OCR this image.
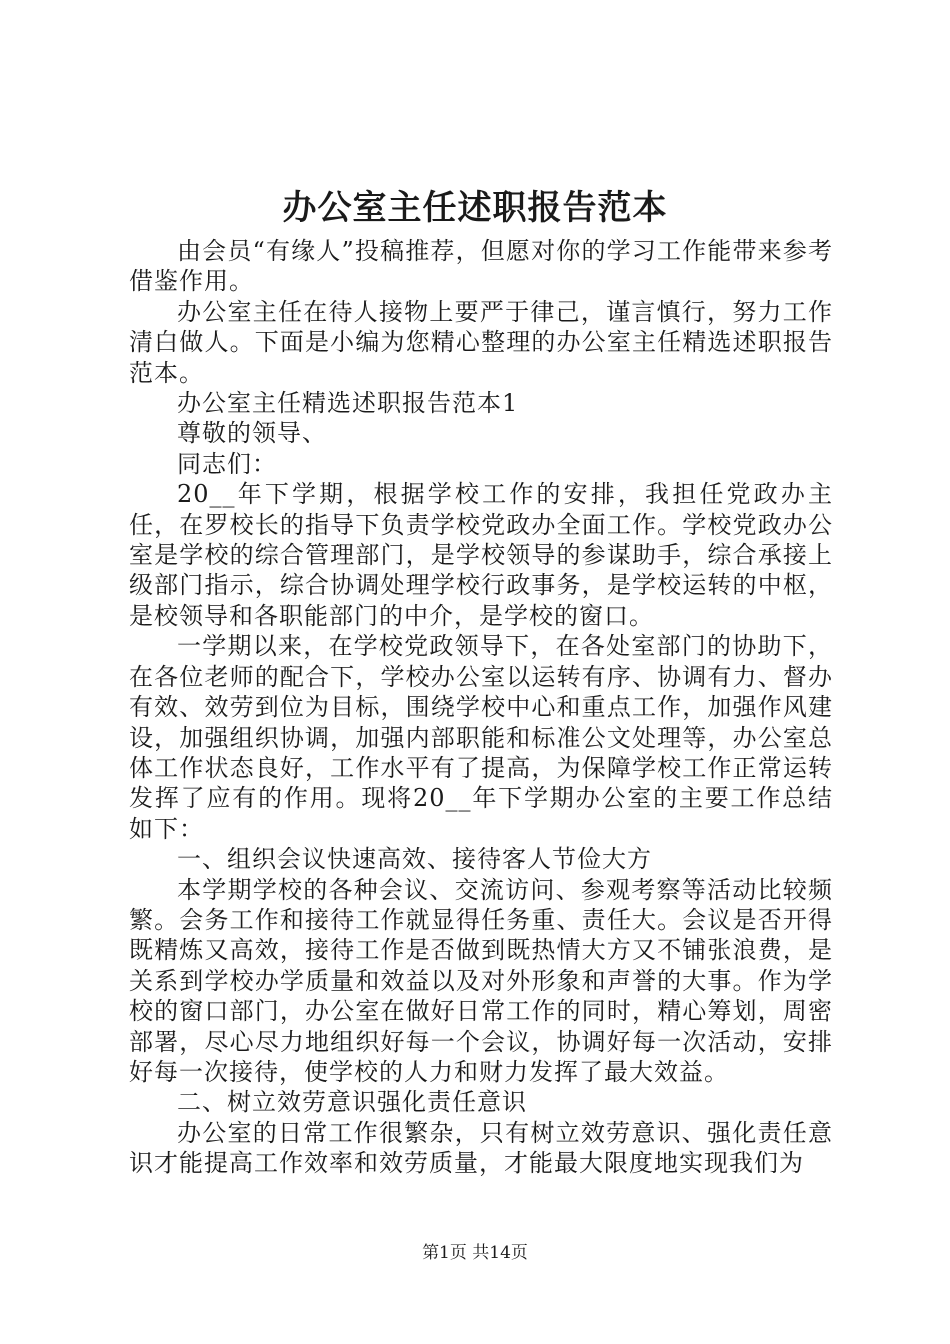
办公室主任述职报告范本

由会员“有缘人”投稿推荐，但愿对你的学习工作能带来参考借鉴作用。

办公室主任在待人接物上要严于律己，谨言慎行，努力工作清白做人。下面是小编为您精心整理的办公室主任精选述职报告范本。

办公室主任精选述职报告范本1

尊敬的领导、

同志们：

20__年下学期，根据学校工作的安排，我担任党政办主任，在罗校长的指导下负责学校党政办全面工作。学校党政办公室是学校的综合管理部门，是学校领导的参谋助手，综合承接上级部门指示，综合协调处理学校行政事务，是学校运转的中枢，是校领导和各职能部门的中介，是学校的窗口。

一学期以来，在学校党政领导下，在各处室部门的协助下，在各位老师的配合下，学校办公室以运转有序、协调有力、督办有效、效劳到位为目标，围绕学校中心和重点工作，加强作风建设，加强组织协调，加强内部职能和标准公文处理等，办公室总体工作状态良好，工作水平有了提高，为保障学校工作正常运转发挥了应有的作用。现将20__年下学期办公室的主要工作总结如下：

一、组织会议快速高效、接待客人节俭大方

本学期学校的各种会议、交流访问、参观考察等活动比较频繁。会务工作和接待工作就显得任务重、责任大。会议是否开得既精炼又高效，接待工作是否做到既热情大方又不铺张浪费，是关系到学校办学质量和效益以及对外形象和声誉的大事。作为学校的窗口部门，办公室在做好日常工作的同时，精心筹划，周密部署，尽心尽力地组织好每一个会议，协调好每一次活动，安排好每一次接待，使学校的人力和财力发挥了最大效益。

二、树立效劳意识强化责任意识

办公室的日常工作很繁杂，只有树立效劳意识、强化责任意识才能提高工作效率和效劳质量，才能最大限度地实现我们为

第1页 共14页
